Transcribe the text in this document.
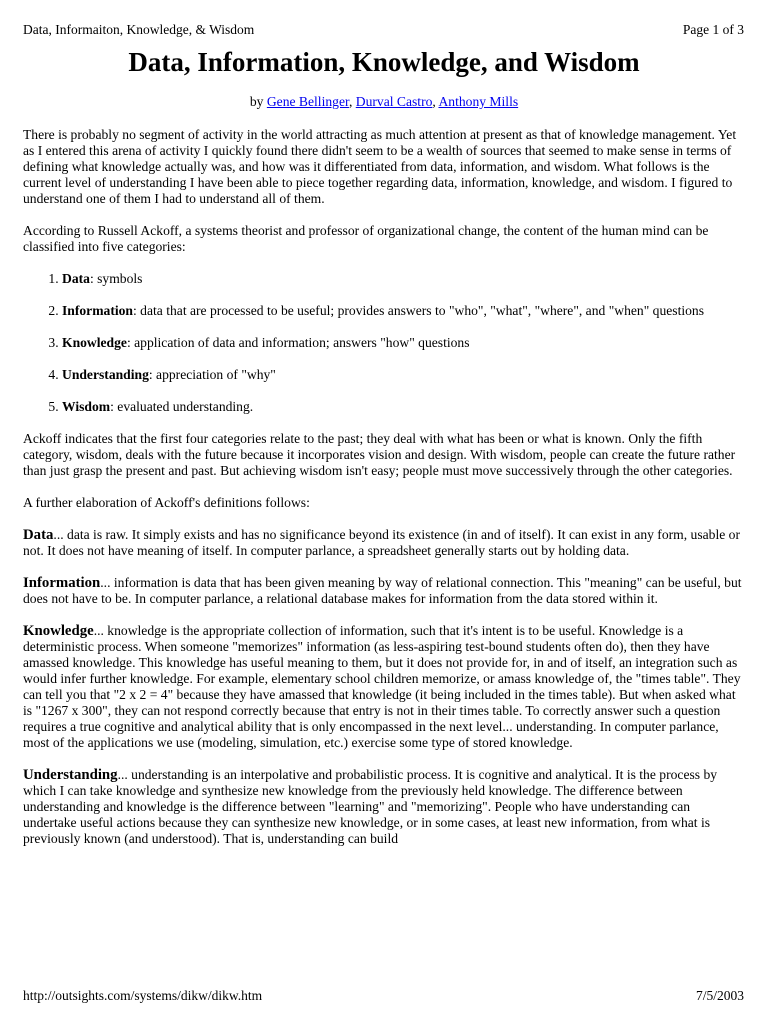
Data, Informaiton, Knowledge, & Wisdom	Page 1 of 3
Data, Information, Knowledge, and Wisdom
by Gene Bellinger, Durval Castro, Anthony Mills

There is probably no segment of activity in the world attracting as much attention at present as that of knowledge management. Yet as I entered this arena of activity I quickly found there didn't seem to be a wealth of sources that seemed to make sense in terms of defining what knowledge actually was, and how was it differentiated from data, information, and wisdom. What follows is the current level of understanding I have been able to piece together regarding data, information, knowledge, and wisdom. I figured to understand one of them I had to understand all of them.

According to Russell Ackoff, a systems theorist and professor of organizational change, the content of the human mind can be classified into five categories:

1. Data: symbols
2. Information: data that are processed to be useful; provides answers to "who", "what", "where", and "when" questions
3. Knowledge: application of data and information; answers "how" questions
4. Understanding: appreciation of "why"
5. Wisdom: evaluated understanding.

Ackoff indicates that the first four categories relate to the past; they deal with what has been or what is known. Only the fifth category, wisdom, deals with the future because it incorporates vision and design. With wisdom, people can create the future rather than just grasp the present and past. But achieving wisdom isn't easy; people must move successively through the other categories.

A further elaboration of Ackoff's definitions follows:

Data... data is raw. It simply exists and has no significance beyond its existence (in and of itself). It can exist in any form, usable or not. It does not have meaning of itself. In computer parlance, a spreadsheet generally starts out by holding data.

Information... information is data that has been given meaning by way of relational connection. This "meaning" can be useful, but does not have to be. In computer parlance, a relational database makes for information from the data stored within it.

Knowledge... knowledge is the appropriate collection of information, such that it's intent is to be useful. Knowledge is a deterministic process. When someone "memorizes" information (as less-aspiring test-bound students often do), then they have amassed knowledge. This knowledge has useful meaning to them, but it does not provide for, in and of itself, an integration such as would infer further knowledge. For example, elementary school children memorize, or amass knowledge of, the "times table". They can tell you that "2 x 2 = 4" because they have amassed that knowledge (it being included in the times table). But when asked what is "1267 x 300", they can not respond correctly because that entry is not in their times table. To correctly answer such a question requires a true cognitive and analytical ability that is only encompassed in the next level... understanding. In computer parlance, most of the applications we use (modeling, simulation, etc.) exercise some type of stored knowledge.

Understanding... understanding is an interpolative and probabilistic process. It is cognitive and analytical. It is the process by which I can take knowledge and synthesize new knowledge from the previously held knowledge. The difference between understanding and knowledge is the difference between "learning" and "memorizing". People who have understanding can undertake useful actions because they can synthesize new knowledge, or in some cases, at least new information, from what is previously known (and understood). That is, understanding can build

http://outsights.com/systems/dikw/dikw.htm	7/5/2003
